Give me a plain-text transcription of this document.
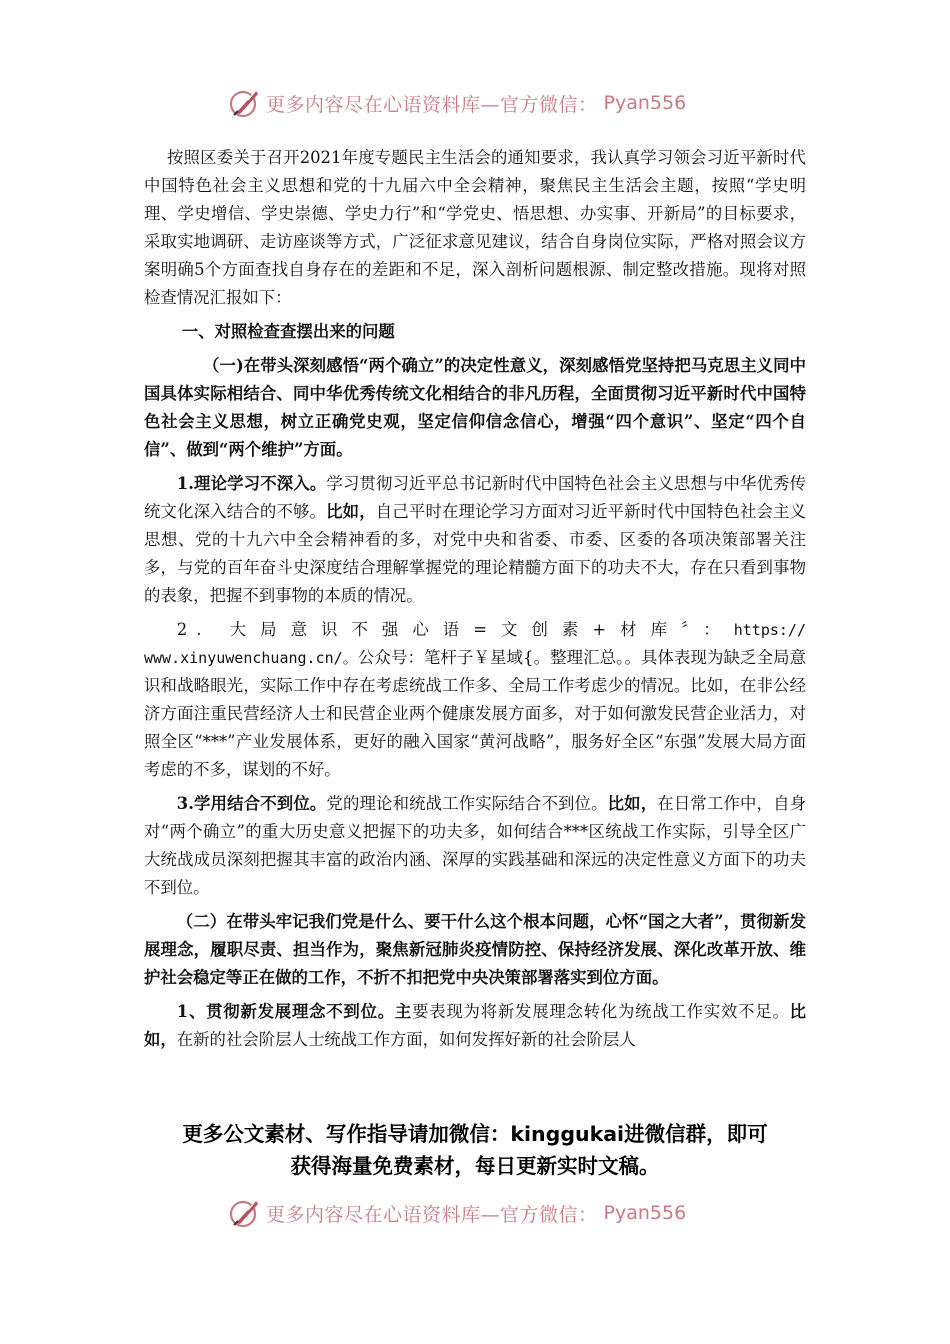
更多内容尽在心语资料库—官方微信： Pyan556

按照区委关于召开2021年度专题民主生活会的通知要求，我认真学习领会习近平新时代中国特色社会主义思想和党的十九届六中全会精神，聚焦民主生活会主题，按照“学史明理、学史增信、学史崇德、学史力行”和“学党史、悟思想、办实事、开新局”的目标要求，采取实地调研、走访座谈等方式，广泛征求意见建议，结合自身岗位实际，严格对照会议方案明确5个方面查找自身存在的差距和不足，深入剖析问题根源、制定整改措施。现将对照检查情况汇报如下：

一、对照检查查摆出来的问题

（一)在带头深刻感悟“两个确立”的决定性意义，深刻感悟党坚持把马克思主义同中国具体实际相结合、同中华优秀传统文化相结合的非凡历程，全面贯彻习近平新时代中国特色社会主义思想，树立正确党史观，坚定信仰信念信心，增强“四个意识”、坚定“四个自信”、做到“两个维护”方面。

1.理论学习不深入。学习贯彻习近平总书记新时代中国特色社会主义思想与中华优秀传统文化深入结合的不够。比如，自己平时在理论学习方面对习近平新时代中国特色社会主义思想、党的十九六中全会精神看的多，对党中央和省委、市委、区委的各项决策部署关注多，与党的百年奋斗史深度结合理解掌握党的理论精髓方面下的功夫不大，存在只看到事物的表象，把握不到事物的本质的情况。

2. 大局意识不强心语=文创素+材库〞：https:// www.xinyuwenchuang.cn/。公众号：笔杆子￥星域{。整理汇总。。具体表现为缺乏全局意识和战略眼光，实际工作中存在考虑统战工作多、全局工作考虑少的情况。比如，在非公经济方面注重民营经济人士和民营企业两个健康发展方面多，对于如何激发民营企业活力，对照全区“***”产业发展体系，更好的融入国家“黄河战略”，服务好全区“东强”发展大局方面考虑的不多，谋划的不好。

3.学用结合不到位。党的理论和统战工作实际结合不到位。比如，在日常工作中，自身对“两个确立”的重大历史意义把握下的功夫多，如何结合***区统战工作实际，引导全区广大统战成员深刻把握其丰富的政治内涵、深厚的实践基础和深远的决定性意义方面下的功夫不到位。

（二）在带头牢记我们党是什么、要干什么这个根本问题，心怀“国之大者”，贯彻新发展理念，履职尽责、担当作为，聚焦新冠肺炎疫情防控、保持经济发展、深化改革开放、维护社会稳定等正在做的工作，不折不扣把党中央决策部署落实到位方面。

1、贯彻新发展理念不到位。主要表现为将新发展理念转化为统战工作实效不足。比如，在新的社会阶层人士统战工作方面，如何发挥好新的社会阶层人

更多公文素材、写作指导请加微信：kinggukai进微信群，即可
获得海量免费素材，每日更新实时文稿。
更多内容尽在心语资料库—官方微信： Pyan556
